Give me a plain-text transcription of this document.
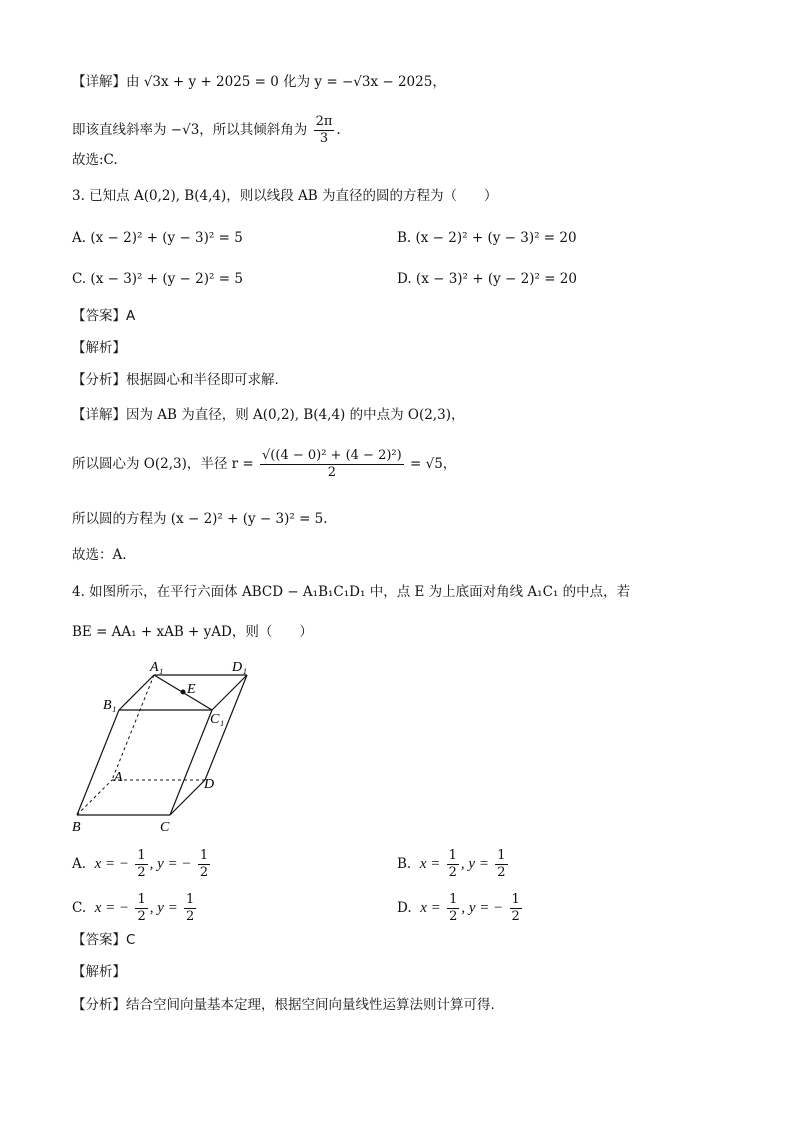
【详解】由 √3x + y + 2025 = 0 化为 y = −√3x − 2025，
即该直线斜率为 −√3，所以其倾斜角为 $\frac{2\pi}{3}$ .
故选:C.
3. 已知点 A(0,2), B(4,4)，则以线段 AB 为直径的圆的方程为（　　）
A. (x − 2)² + (y − 3)² = 5	B. (x − 2)² + (y − 3)² = 20
C. (x − 3)² + (y − 2)² = 5	D. (x − 3)² + (y − 2)² = 20
【答案】A
【解析】
【分析】根据圆心和半径即可求解.
【详解】因为 AB 为直径，则 A(0,2), B(4,4) 的中点为 O(2,3)，
所以圆心为 O(2,3)，半径 $r = \frac{\text{√((4 − 0)² + (4 − 2)²)}}{2} = √5$，
所以圆的方程为 (x − 2)² + (y − 3)² = 5.
故选：A.
4. 如图所示，在平行六面体 ABCD − A₁B₁C₁D₁ 中，点 E 为上底面对角线 A₁C₁ 的中点，若
BE = AA₁ + xAB + yAD，则（　　）
A₁	D₁
B₁
C₁
E
A	D
B	C
A. x = − $\frac{1}{2}$ , y = − $\frac{1}{2}$	B. $x = \frac{1}{2}$ , $y = \frac{1}{2}$
C. x = − $\frac{1}{2}$ , $y = \frac{1}{2}$	D. $x = \frac{1}{2}$ , y = − $\frac{1}{2}$
【答案】C
【解析】
【分析】结合空间向量基本定理，根据空间向量线性运算法则计算可得.
